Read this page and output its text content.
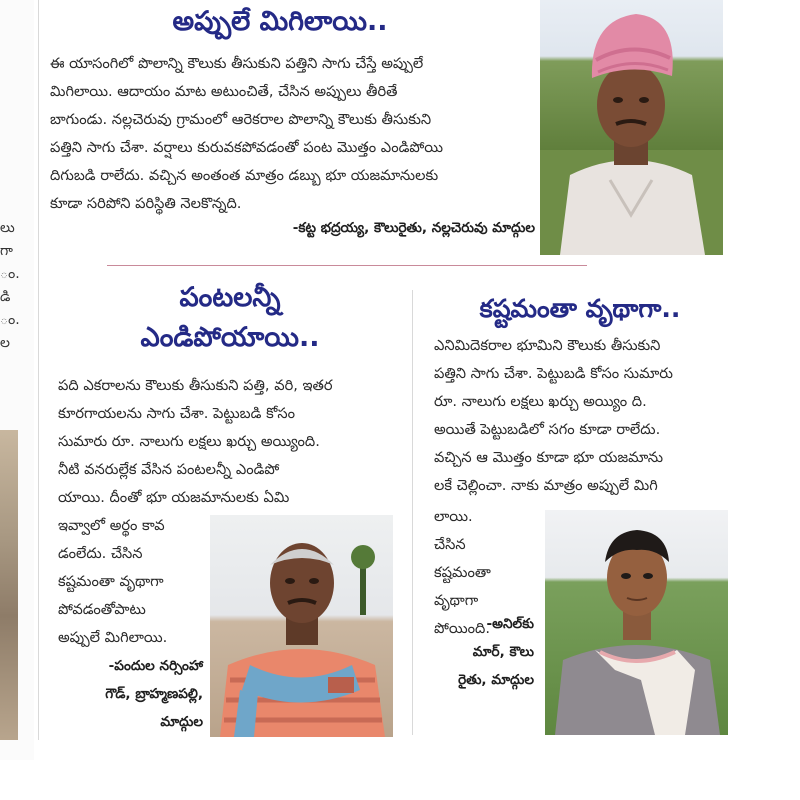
లు
గా
ం.
డి
ం.
ల
అప్పులే మిగిలాయి..

ఈ యాసంగిలో పొలాన్ని కౌలుకు తీసుకుని పత్తిని సాగు చేస్తే అప్పులే
మిగిలాయి. ఆదాయం మాట అటుంచితే, చేసిన అప్పులు తీరితే
బాగుండు. నల్లచెరువు గ్రామంలో ఆరెకరాల పొలాన్ని కౌలుకు తీసుకుని
పత్తిని సాగు చేశా. వర్షాలు కురువకపోవడంతో పంట మొత్తం ఎండిపోయి
దిగుబడి రాలేదు. వచ్చిన అంతంత మాత్రం డబ్బు భూ యజమానులకు
కూడా సరిపోని పరిస్థితి నెలకొన్నది.

-కట్ట భద్రయ్య, కౌలురైతు, నల్లచెరువు మాద్గుల

పంటలన్నీ
ఎండిపోయాయి..

పది ఎకరాలను కౌలుకు తీసుకుని పత్తి, వరి, ఇతర
కూరగాయలను సాగు చేశా. పెట్టుబడి కోసం
సుమారు రూ. నాలుగు లక్షలు ఖర్చు అయ్యింది.
నీటి వనరుల్లేక వేసిన పంటలన్నీ ఎండిపో
యాయి. దీంతో భూ యజమానులకు ఏమి

ఇవ్వాలో అర్థం కావ
డంలేదు. చేసిన
కష్టమంతా వృథాగా
పోవడంతోపాటు
అప్పులే మిగిలాయి.

-పందుల నర్సింహా
గౌడ్, బ్రాహ్మణపల్లి,
మాద్గుల

కష్టమంతా వృథాగా..

ఎనిమిదెకరాల భూమిని కౌలుకు తీసుకుని
పత్తిని సాగు చేశా. పెట్టుబడి కోసం సుమారు
రూ. నాలుగు లక్షలు ఖర్చు అయ్యిం ది.
అయితే పెట్టుబడిలో సగం కూడా రాలేదు.
వచ్చిన ఆ మొత్తం కూడా భూ యజమాను
లకే చెల్లించా. నాకు మాత్రం అప్పులే మిగి

లాయి.
చేసిన
కష్టమంతా
వృథాగా
పోయింది.

-అనిల్‌కు
మార్, కౌలు
రైతు, మాద్గుల
